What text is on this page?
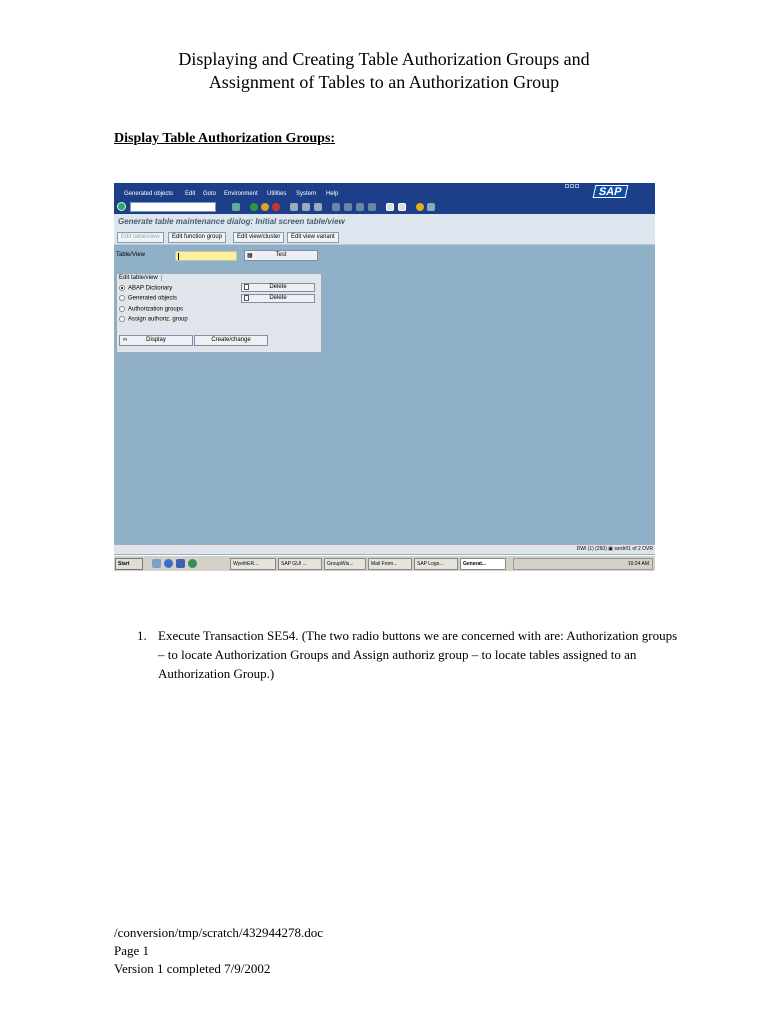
Displaying and Creating Table Authorization Groups and
Assignment of Tables to an Authorization Group
Display Table Authorization Groups:
Generated objects Edit Goto Environment Utilities System Help	SAP
Generate table maintenance dialog: Initial screen table/view
Edit table/view	Edit function group	Edit view/cluster	Edit view variant
Table/View	▦	Test
Edit table/view
ABAP Dictionary
Generated objects
Authorization groups
Assign authoriz. group
Delete
Delete
∞	Display	Create/change
DWI (1) (260) ▣ ssrdr01 of 2 OVR
Start	WyethER...	SAP GUI ...	GroupWis...	Mail From...	SAP Logo...	Generat...	10:24 AM
1. Execute Transaction SE54. (The two radio buttons we are concerned with are: Authorization groups – to locate Authorization Groups and Assign authoriz group – to locate tables assigned to an Authorization Group.)
/conversion/tmp/scratch/432944278.doc
Page 1
Version 1 completed 7/9/2002
